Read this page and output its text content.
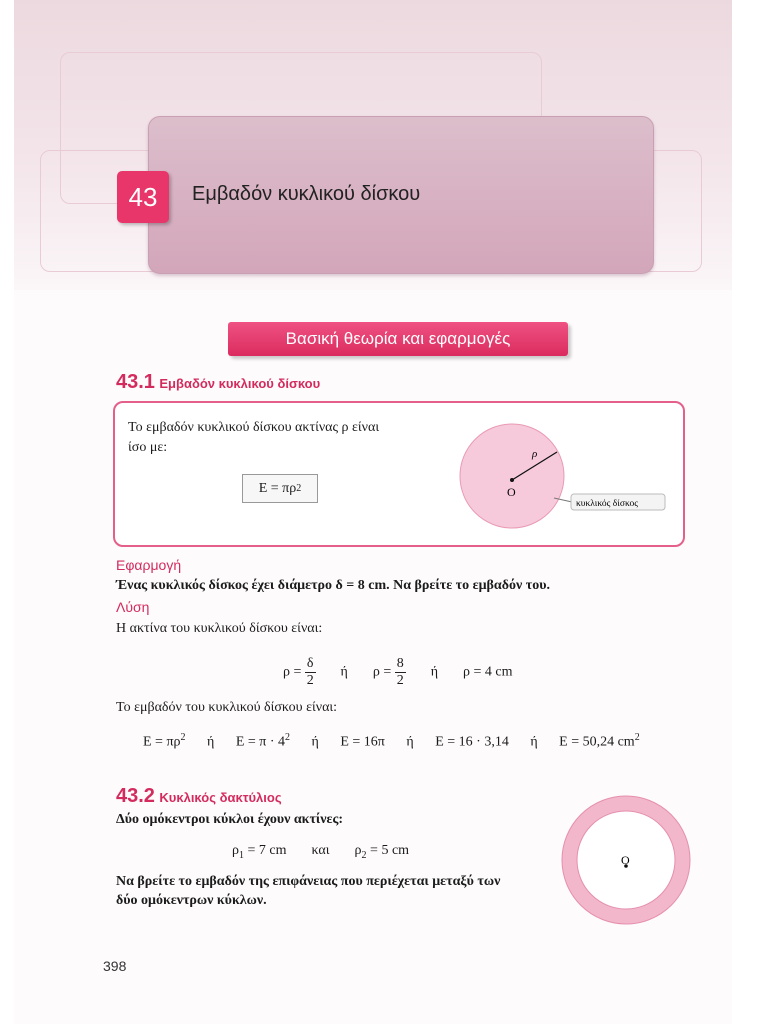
43	Εμβαδόν κυκλικού δίσκου
Βασική θεωρία και εφαρμογές
43.1 Εμβαδόν κυκλικού δίσκου
Το εμβαδόν κυκλικού δίσκου ακτίνας ρ είναι
ίσο με:
E = πρ 2	O
ρ
κυκλικός δίσκος
Εφαρμογή
Ένας κυκλικός δίσκος έχει διάμετρο δ = 8 cm. Να βρείτε το εμβαδόν του.
Λύση
Η ακτίνα του κυκλικού δίσκου είναι:
$\rho = \frac{\delta}{2}$ ή $\rho = \frac{8}{2}$ ή ρ = 4 cm
Το εμβαδόν του κυκλικού δίσκου είναι:
$E = \pi\rho^2$ ή $E = \pi \cdot 4^2$ ή E = 16π ή E = 16 · 3,14 ή E = 50,24 $cm^2$
43.2 Κυκλικός δακτύλιος
Δύο ομόκεντροι κύκλοι έχουν ακτίνες:
$\rho_1 = 7$ cm και $\rho_2 = 5$ cm
Να βρείτε το εμβαδόν της επιφάνειας που περιέχεται μεταξύ των
δύο ομόκεντρων κύκλων.
O
398
